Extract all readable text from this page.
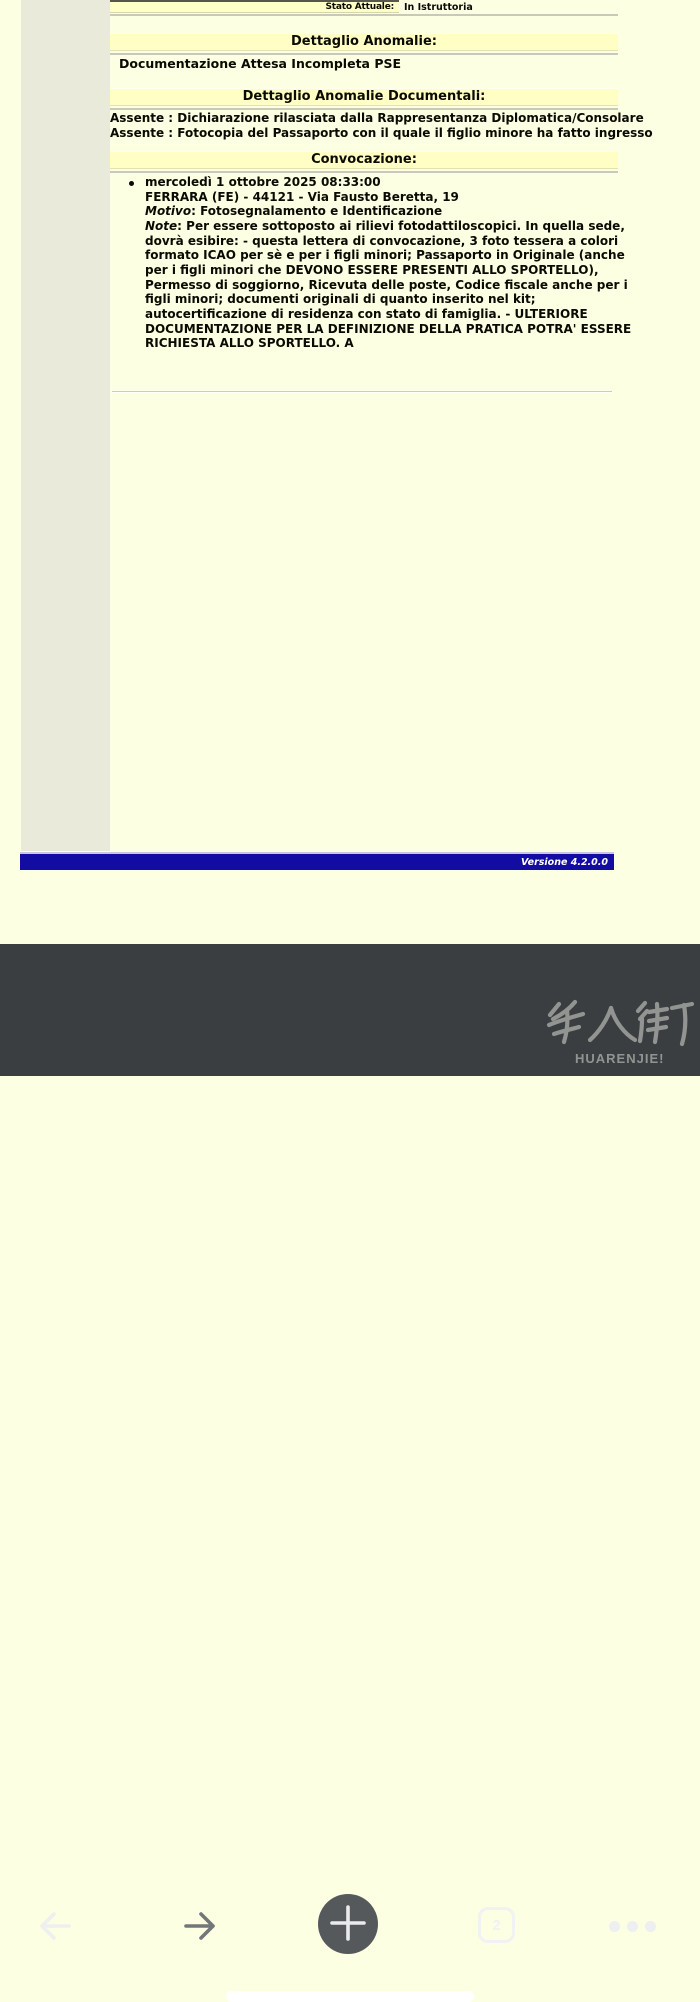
Stato Attuale: In Istruttoria
Dettaglio Anomalie:
Documentazione Attesa Incompleta PSE
Dettaglio Anomalie Documentali:
Assente : Dichiarazione rilasciata dalla Rappresentanza Diplomatica/Consolare
Assente : Fotocopia del Passaporto con il quale il figlio minore ha fatto ingresso
Convocazione:
mercoledì 1 ottobre 2025 08:33:00
FERRARA (FE) - 44121 - Via Fausto Beretta, 19
Motivo: Fotosegnalamento e Identificazione
Note: Per essere sottoposto ai rilievi fotodattiloscopici. In quella sede,
dovrà esibire: - questa lettera di convocazione, 3 foto tessera a colori
formato ICAO per sè e per i figli minori; Passaporto in Originale (anche
per i figli minori che DEVONO ESSERE PRESENTI ALLO SPORTELLO),
Permesso di soggiorno, Ricevuta delle poste, Codice fiscale anche per i
figli minori; documenti originali di quanto inserito nel kit;
autocertificazione di residenza con stato di famiglia. - ULTERIORE
DOCUMENTAZIONE PER LA DEFINIZIONE DELLA PRATICA POTRA' ESSERE
RICHIESTA ALLO SPORTELLO. A
Versione 4.2.0.0
2
HUARENJIE!
